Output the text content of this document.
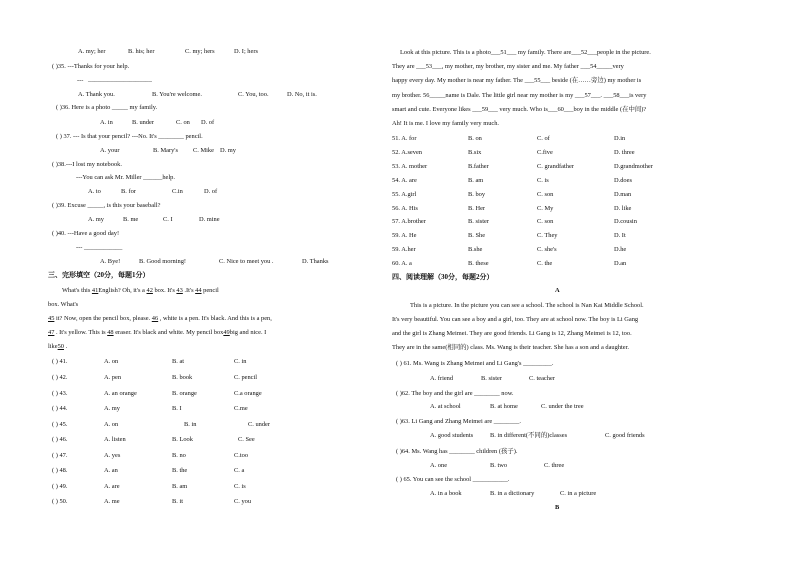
A. my; her	B. his; her	C. my; hers	D. I; hers
( )35. ---Thanks for your help.
--- ____________________
A. Thank you.	B. You're welcome.	C. You, too.	D. No, it is.
( )36. Here is a photo _____ my family.
A. in	B. under	C. on D. of
( ) 37. --- Is that your pencil? ---No. It's ________ pencil.
A. your	B. Mary's C. Mike D. my
( )38.---I lost my notebook.
---You can ask Mr. Miller ______help.
A. to	B. for	C.in	D. of
( )39. Excuse _____, is this your baseball?
A. my	B. me	C. I	D. mine
( )40. ---Have a good day!
--- ____________
A. Bye!	B. Good morning!	C. Nice to meet you .	D. Thanks
三、完形填空（20分，每题1分）
What's this 41English? Oh, it's a 42 box. It's 43 .It's 44 pencil
box. What's
45 it? Now, open the pencil box, please. 46 , white is a pen. It's black. And this is a pen,
47 . It's yellow. This is 48 eraser. It's black and white. My pencil box49big and nice. I
like50 .
( ) 41.	A. on	B. at	C. in
( ) 42.	A. pen	B. book	C. pencil
( ) 43.	A. an orange	B. orange	C.a orange
( ) 44.	A. my	B. I	C.me
( ) 45.	A. on	B. in	C. under
( ) 46.	A. listen	B. Look	C. See
( ) 47.	A. yes	B. no	C.too
( ) 48.	A. an	B. the	C. a
( ) 49.	A. are	B. am	C. is
( ) 50.	A. me	B. it	C. you
Look at this picture. This is a photo___51___ my family. There are___52___people in the picture.
They are ___53___, my mother, my brother, my sister and me. My father ___54_____very
happy every day. My mother is near my father. The ___55___ beside (在……旁边) my mother is
my brother. 56_____name is Dale. The little girl near my mother is my ___57___. ___58___is very
smart and cute. Everyone likes ___59___ very much. Who is___60___boy in the middle (在中间)?
Ah! It is me. I love my family very much.
51. A. for	B. on	C. of	D.in
52. A.seven	B.six	C.five	D. three
53. A. mother	B.father	C. grandfather	D.grandmother
54. A. are	B. am	C. is	D.does
55. A.girl	B. boy	C. son	D.man
56. A. His	B. Her	C. My	D. like
57. A.brother	B. sister	C. son	D.cousin
59. A. He	B. She	C. They	D. It
59. A.her	B.she	C. she's	D.he
60. A. a	B. these	C. the	D.an
四、阅读理解（30分，每题2分）
A
This is a picture. In the picture you can see a school. The school is Nan Kai Middle School.
It's very beautiful. You can see a boy and a girl, too. They are at school now. The boy is Li Gang
and the girl is Zhang Meimei. They are good friends. Li Gang is 12, Zhang Meimei is 12, too.
They are in the same(相同的) class. Ms. Wang is their teacher. She has a son and a daughter.
( ) 61. Ms. Wang is Zhang Meimei and Li Gang's _________.
A. friend	B. sister	C. teacher
( )62. The boy and the girl are ________ now.
A. at school	B. at home	C. under the tree
( )63. Li Gang and Zhang Meimei are ________.
A. good students	B. in different(不同的)classes	C. good friends
( )64. Ms. Wang has ________ children (孩子).
A. one	B. two	C. three
( ) 65. You can see the school ___________.
A. in a book	B. in a dictionary	C. in a picture
B
